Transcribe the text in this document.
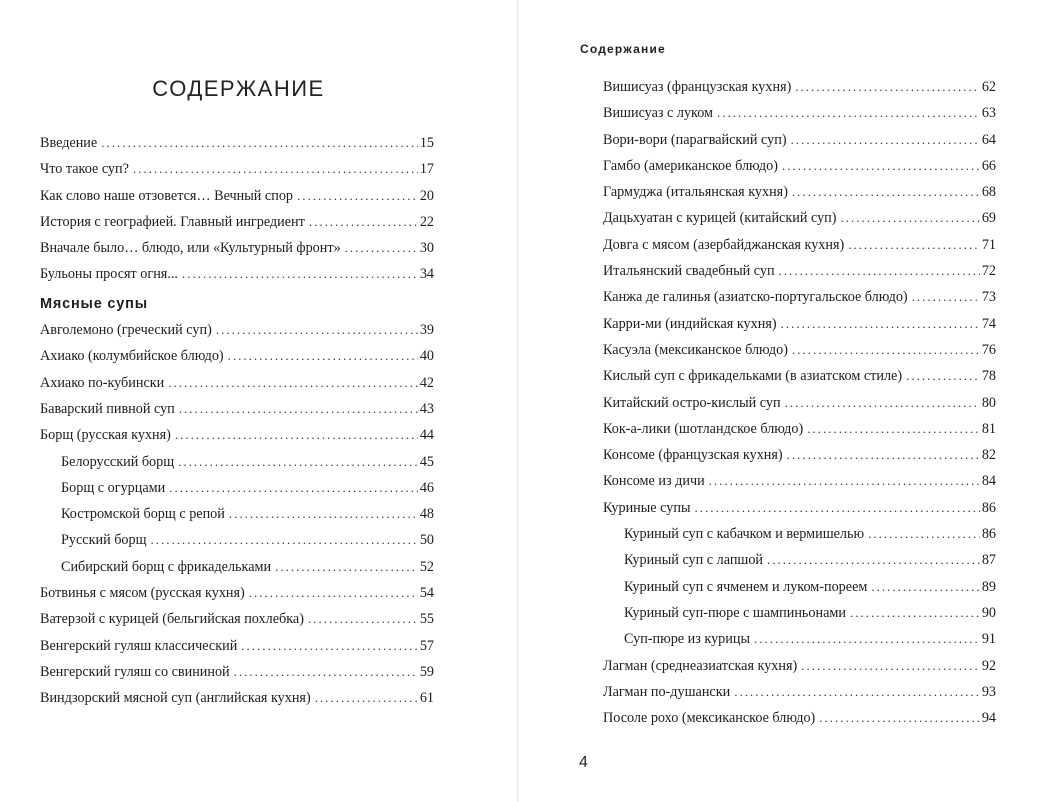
СОДЕРЖАНИЕ
Введение .....	15
Что такое суп? .....	17
Как слово наше отзовется… Вечный спор .....	20
История с географией. Главный ингредиент .....	22
Вначале было… блюдо, или «Культурный фронт» .....	30
Бульоны просят огня... .....	34
Мясные супы
Авголемоно (греческий суп) .....	39
Ахиако (колумбийское блюдо) .....	40
Ахиако по-кубински .....	42
Баварский пивной суп .....	43
Борщ (русская кухня) .....	44
Белорусский борщ .....	45
Борщ с огурцами .....	46
Костромской борщ с репой .....	48
Русский борщ .....	50
Сибирский борщ с фрикадельками .....	52
Ботвинья с мясом (русская кухня) .....	54
Ватерзой с курицей (бельгийская похлебка) .....	55
Венгерский гуляш классический .....	57
Венгерский гуляш со свининой .....	59
Виндзорский мясной суп (английская кухня) .....	61
Содержание
Вишисуаз (французская кухня) .....	62
Вишисуаз с луком .....	63
Вори-вори (парагвайский суп) .....	64
Гамбо (американское блюдо) .....	66
Гармуджа (итальянская кухня) .....	68
Дацьхуатан с курицей (китайский суп) .....	69
Довга с мясом (азербайджанская кухня) .....	71
Итальянский свадебный суп .....	72
Канжа де галинья (азиатско-португальское блюдо) .....	73
Карри-ми (индийская кухня) .....	74
Касуэла (мексиканское блюдо) .....	76
Кислый суп с фрикадельками (в азиатском стиле) .....	78
Китайский остро-кислый суп .....	80
Кок-а-лики (шотландское блюдо) .....	81
Консоме (французская кухня) .....	82
Консоме из дичи .....	84
Куриные супы .....	86
Куриный суп с кабачком и вермишелью .....	86
Куриный суп с лапшой .....	87
Куриный суп с ячменем и луком-пореем .....	89
Куриный суп-пюре с шампиньонами .....	90
Суп-пюре из курицы .....	91
Лагман (среднеазиатская кухня) .....	92
Лагман по-душански .....	93
Посоле рохо (мексиканское блюдо) .....	94
4
